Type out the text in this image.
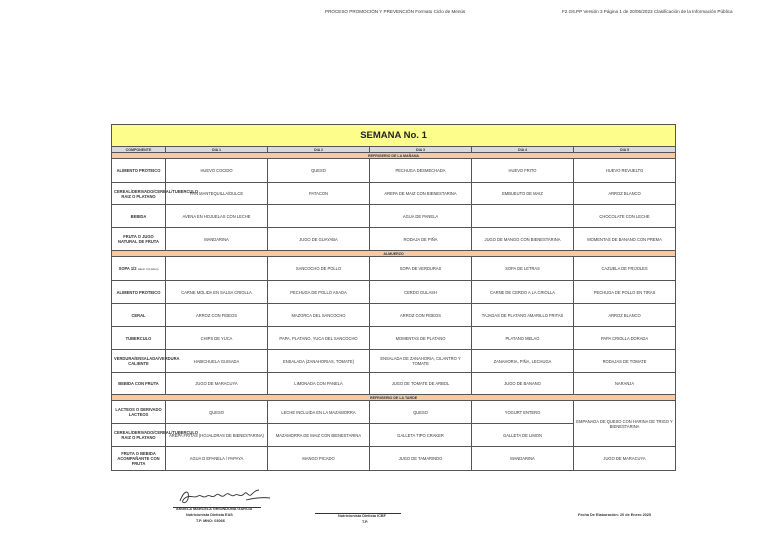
PROCESO PROMOCIÓN Y PREVENCIÓN Formato Ciclo de Menús	F2.G6.PP Versión 3 Página 1 de 20/05/2023 Clasificación de la Información Pública
SEMANA No. 1					
COMPONENTE	DIA 1	DIA 2	DIA 3	DIA 4	DIA 5
REFRIGERIO DE LA MAÑANA					
ALIMENTO PROTEICO	HUEVO COCIDO	QUESO	PECHUGA DESMECHADA	HUEVO FRITO	HUEVO REVUELTO
CEREAL/DERIVADO/CEREAL/TUBERCULO RAIZ O PLATANO	PAN MANTEQUILLA/DULCE	PATACON	AREPA DE MAIZ CON BIENESTARINA	EMBUEUTO DE MAIZ	ARROZ BLANCO
BEBIDA	AVENA EN HOJUELAS CON LECHE		AGUA DE PANELA		CHOCOLATE CON LECHE
FRUTA O JUGO NATURAL DE FRUTA	MANDARINA	JUGO DE GUAYABA	RODAJA DE PIÑA	JUGO DE MANGO CON BIENESTARINA	MOMENTAS DE BANANO CON PREMA
ALMUERZO					
SOPA 1/2 Hacer 3 (Lisbon)		SANCOCHO DE POLLO	SOPA DE VERDURAS	SOPA DE LETRAS	CAZUELA DE FRIJOLES
ALIMENTO PROTEICO	CARNE MOLIDA EN SALSA CRIOLLA	PECHUGA DE POLLO ASADA	CERDO GULASH	CARNE DE CERDO A LA CRIOLLA	PECHUGA DE POLLO EN TIRAS
CERAL	ARROZ CON FIDEOS	MAZORCA DEL SANCOCHO	ARROZ CON FIDEOS	TAJADAS DE PLATANO AMARILLO FRITAS	ARROZ BLANCO
TUBERCULO	CHIPS DE YUCA	PAPA, PLATANO, YUCA DEL SANCOCHO	MOMENTAS DE PLATANO	PLATANO MELAO	PAPA CRIOLLA DORADA
VERDURA/ENSALADA/VERDURA CALIENTE	HABICHUELA GUISADA	ENSALADA (ZANAHORIAS, TOMATE)	ENSALADA DE ZANAHORIA, CILANTRO Y TOMATE	ZANAHORIA, PIÑA, LECHUGA	RODAJAS DE TOMATE
BEBIDA CON FRUTA	JUGO DE MARACUYA	LIMONADA CON PANELA	JUGO DE TOMATE DE ARBOL	JUGO DE BANANO	NARANJA
REFRIGERIO DE LA TARDE					
LACTEOS O DERIVADO LACTEOS	QUESO	LECHE INCLUIDA EN LA MAZAMORRA	QUESO	YOGURT ENTERO	EMPANADA DE QUESO CON HARINA DE TRIGO Y BIENESTARINA
CEREAL/DERIVADO/CEREAL/TUBERCULO RAIZ O PLATANO	AREPA FRITAS (HOJALDRAS DE BIENESTARINA)	MAZAMORRA DE MAIZ CON BIENESTARINA	GALLETA TIPO CRAKER	GALLETA DE LIMON	
FRUTA O BEBIDA ACOMPAÑANTE CON FRUTA	AGUA D EPANELA / PAPAYA	MANGO PICADO	JUGO DE TAMARINDO	MANDARINA	JUGO DE MARACUYA
ANGELA MARCELA GRIONDONA GARCIA
Nutricionista Dietista EAS
T.P. MNO: 03066
Nutricionista Dietista ICBF
T.P.
Fecha De Elaboración: 20 de Enero 2025
